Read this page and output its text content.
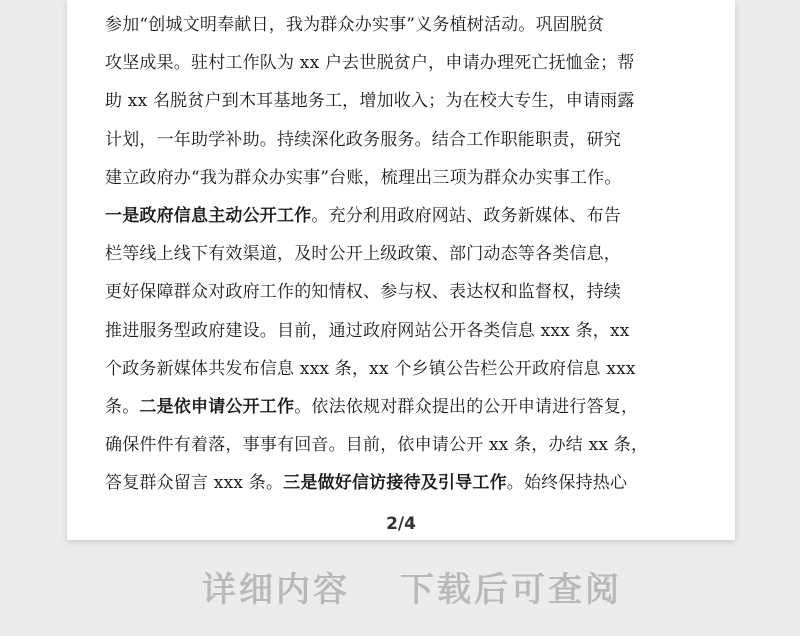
参加“创城文明奉献日，我为群众办实事”义务植树活动。巩固脱贫
攻坚成果。驻村工作队为 xx 户去世脱贫户，申请办理死亡抚恤金；帮
助 xx 名脱贫户到木耳基地务工，增加收入；为在校大专生，申请雨露
计划，一年助学补助。持续深化政务服务。结合工作职能职责，研究
建立政府办“我为群众办实事”台账，梳理出三项为群众办实事工作。
一是政府信息主动公开工作。充分利用政府网站、政务新媒体、布告
栏等线上线下有效渠道，及时公开上级政策、部门动态等各类信息，
更好保障群众对政府工作的知情权、参与权、表达权和监督权，持续
推进服务型政府建设。目前，通过政府网站公开各类信息 xxx 条，xx
个政务新媒体共发布信息 xxx 条，xx 个乡镇公告栏公开政府信息 xxx
条。二是依申请公开工作。依法依规对群众提出的公开申请进行答复，
确保件件有着落，事事有回音。目前，依申请公开 xx 条，办结 xx 条，
答复群众留言 xxx 条。三是做好信访接待及引导工作。始终保持热心
2/4
详细内容 下载后可查阅
